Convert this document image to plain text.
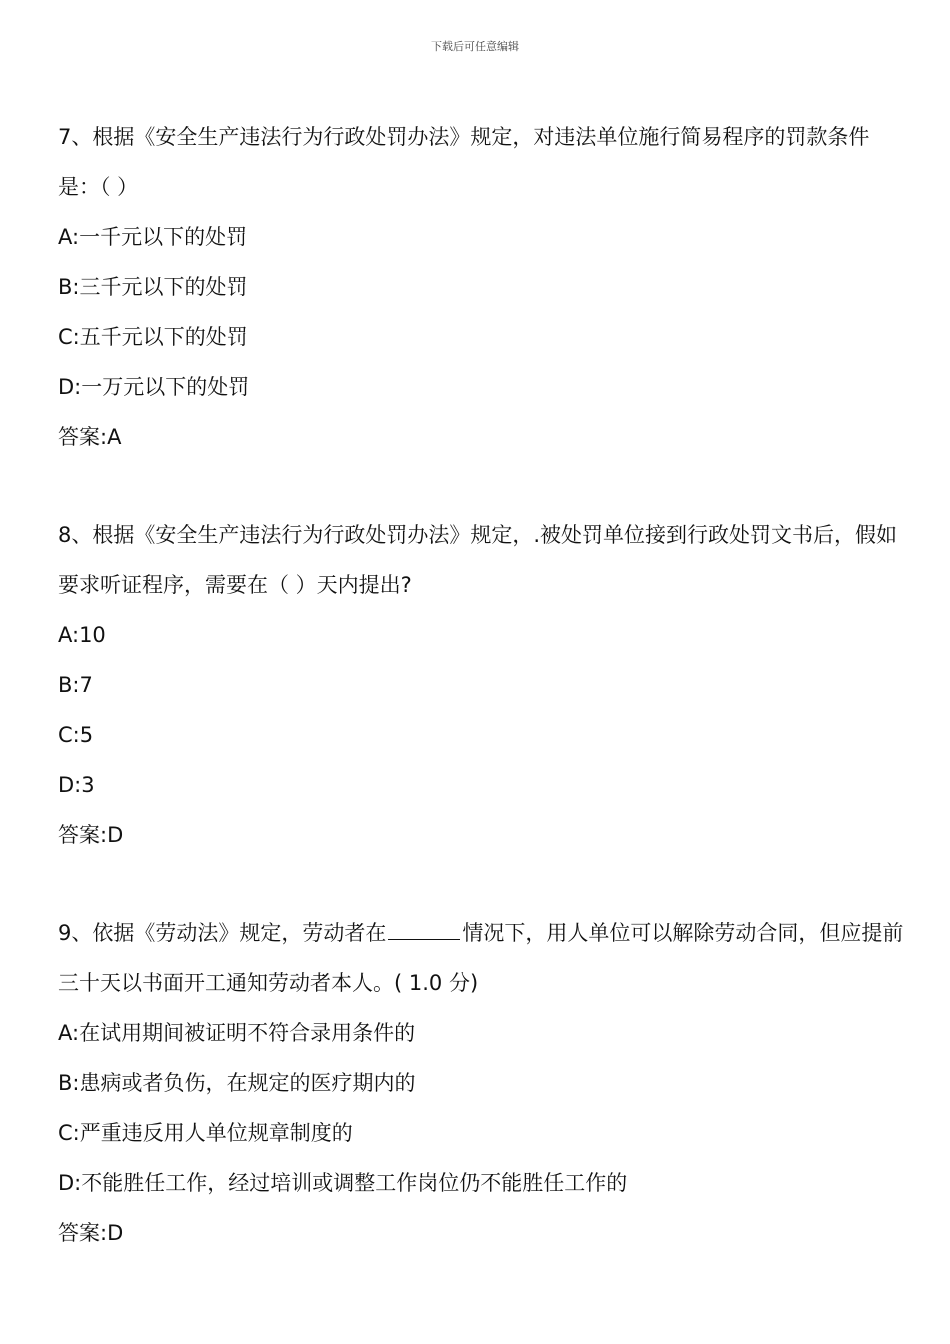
下载后可任意编辑

7、根据《安全生产违法行为行政处罚办法》规定，对违法单位施行简易程序的罚款条件是：（ ）

A:一千元以下的处罚
B:三千元以下的处罚
C:五千元以下的处罚
D:一万元以下的处罚
答案:A

8、根据《安全生产违法行为行政处罚办法》规定，.被处罚单位接到行政处罚文书后，假如要求听证程序，需要在（ ）天内提出?

A:10
B:7
C:5
D:3
答案:D

9、依据《劳动法》规定，劳动者在	情况下，用人单位可以解除劳动合同，但应提前三十天以书面开工通知劳动者本人。( 1.0 分)

A:在试用期间被证明不符合录用条件的
B:患病或者负伤，在规定的医疗期内的
C:严重违反用人单位规章制度的
D:不能胜任工作，经过培训或调整工作岗位仍不能胜任工作的
答案:D
